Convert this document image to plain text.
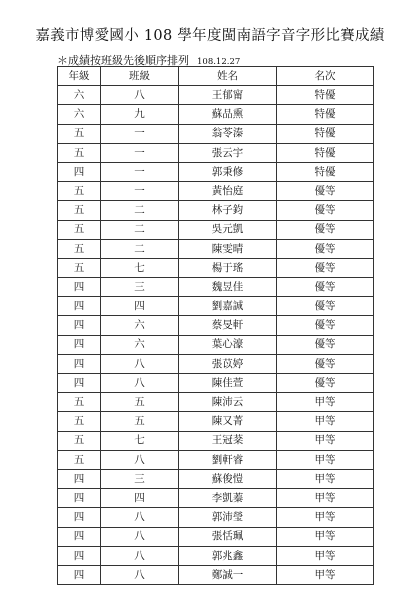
嘉義市博愛國小 108 學年度閩南語字音字形比賽成績
＊成績按班級先後順序排列 108.12.27
年級	班級	姓名	名次
六	八	王郁甯	特優
六	九	蘇品熏	特優
五	一	翁苓溱	特優
五	一	張云宇	特優
四	一	郭秉修	特優
五	一	黃怡庭	優等
五	二	林子鈞	優等
五	二	吳元凱	優等
五	二	陳雯晴	優等
五	七	楊于瑤	優等
四	三	魏昱佳	優等
四	四	劉嘉誠	優等
四	六	蔡旻軒	優等
四	六	葉心濠	優等
四	八	張苡婷	優等
四	八	陳佳萱	優等
五	五	陳沛云	甲等
五	五	陳又菁	甲等
五	七	王冠棻	甲等
五	八	劉軒睿	甲等
四	三	蘇俊愷	甲等
四	四	李凱蓁	甲等
四	八	郭沛瑩	甲等
四	八	張恬珮	甲等
四	八	郭兆鑫	甲等
四	八	鄭誠一	甲等
